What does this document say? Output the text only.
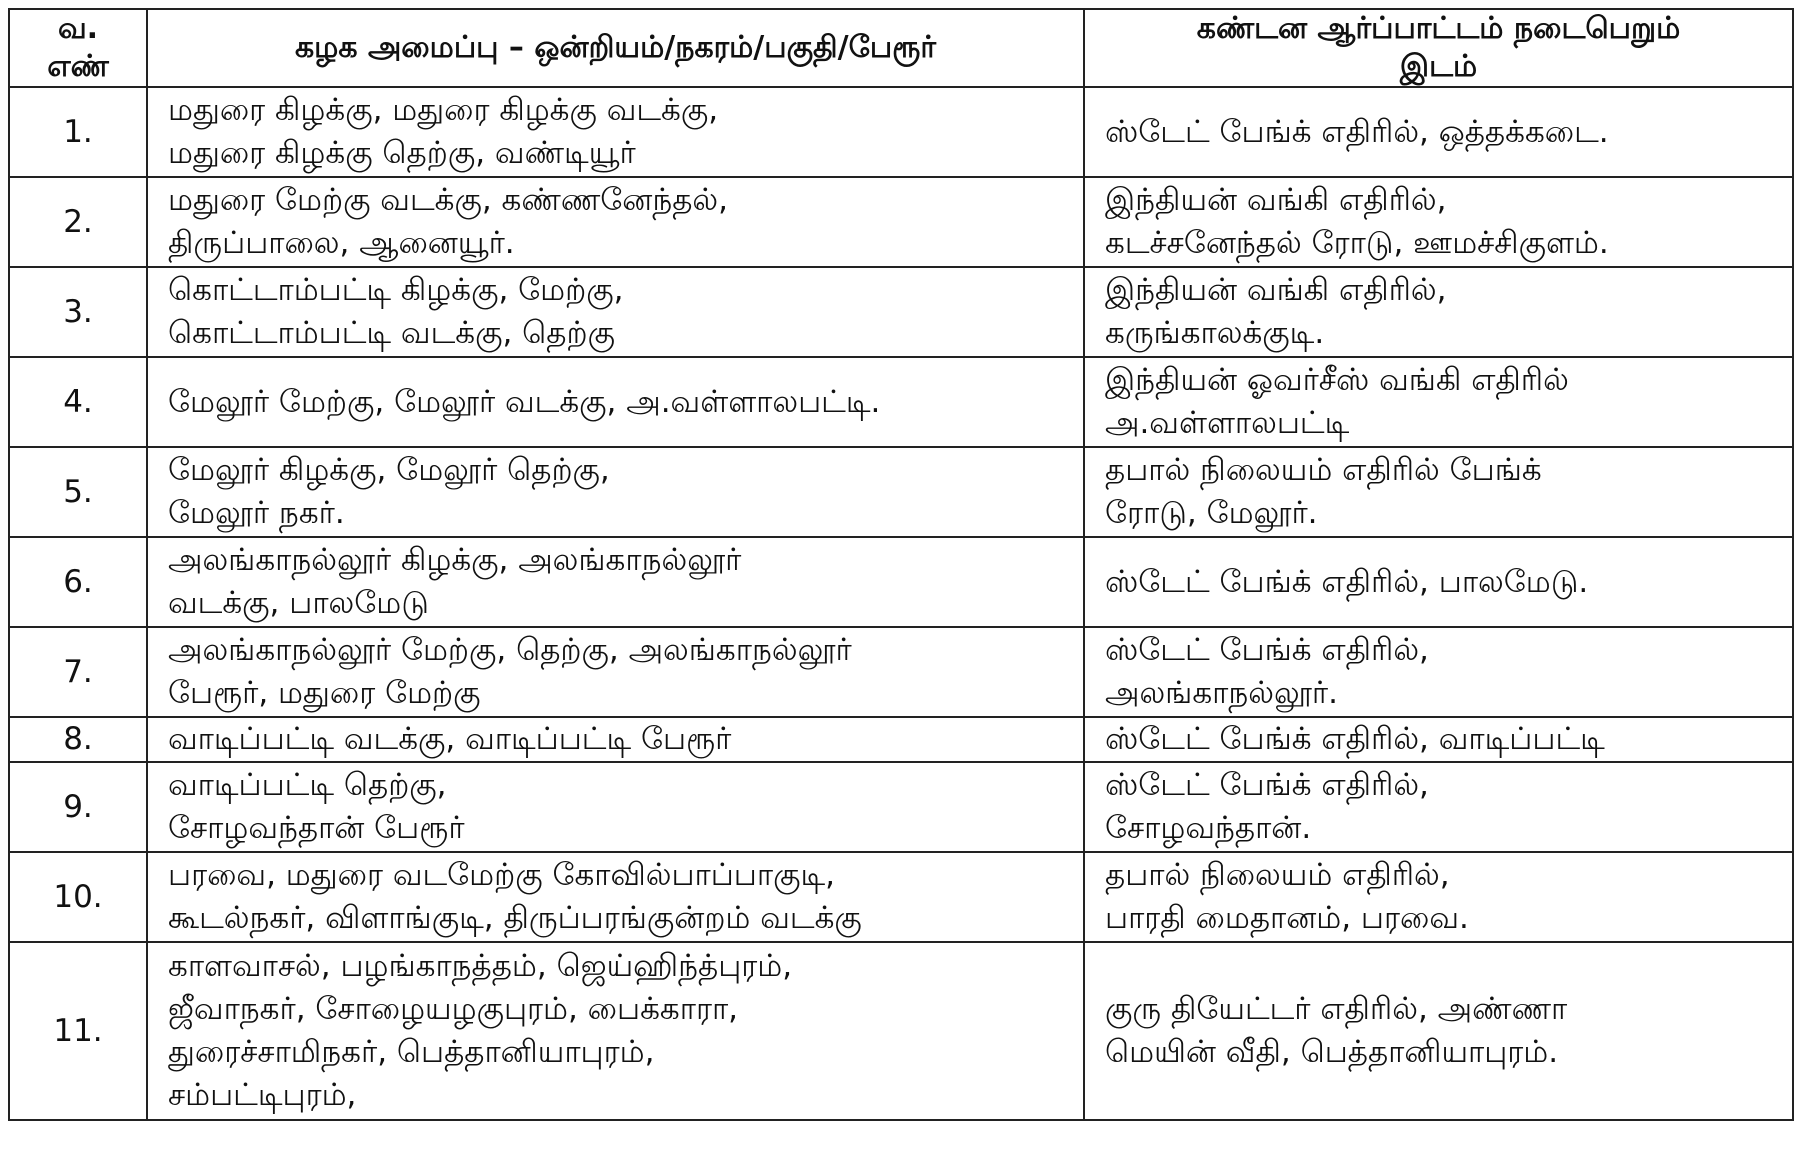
வ.
எண்	கழக அமைப்பு – ஒன்றியம்/நகரம்/பகுதி/பேரூர்	கண்டன ஆர்ப்பாட்டம் நடைபெறும்
இடம்

1.	மதுரை கிழக்கு, மதுரை கிழக்கு வடக்கு,
மதுரை கிழக்கு தெற்கு, வண்டியூர்	ஸ்டேட் பேங்க் எதிரில், ஒத்தக்கடை.

2.	மதுரை மேற்கு வடக்கு, கண்ணனேந்தல்,
திருப்பாலை, ஆனையூர்.	இந்தியன் வங்கி எதிரில்,
கடச்சனேந்தல் ரோடு, ஊமச்சிகுளம்.

3.	கொட்டாம்பட்டி கிழக்கு, மேற்கு,
கொட்டாம்பட்டி வடக்கு, தெற்கு	இந்தியன் வங்கி எதிரில்,
கருங்காலக்குடி.

4.	மேலூர் மேற்கு, மேலூர் வடக்கு, அ.வள்ளாலபட்டி.	இந்தியன் ஓவர்சீஸ் வங்கி எதிரில்
அ.வள்ளாலபட்டி

5.	மேலூர் கிழக்கு, மேலூர் தெற்கு,
மேலூர் நகர்.	தபால் நிலையம் எதிரில் பேங்க்
ரோடு, மேலூர்.

6.	அலங்காநல்லூர் கிழக்கு, அலங்காநல்லூர்
வடக்கு, பாலமேடு	ஸ்டேட் பேங்க் எதிரில், பாலமேடு.

7.	அலங்காநல்லூர் மேற்கு, தெற்கு, அலங்காநல்லூர்
பேரூர், மதுரை மேற்கு	ஸ்டேட் பேங்க் எதிரில்,
அலங்காநல்லூர்.

8.	வாடிப்பட்டி வடக்கு, வாடிப்பட்டி பேரூர்	ஸ்டேட் பேங்க் எதிரில், வாடிப்பட்டி

9.	வாடிப்பட்டி தெற்கு,
சோழவந்தான் பேரூர்	ஸ்டேட் பேங்க் எதிரில்,
சோழவந்தான்.

10.	பரவை, மதுரை வடமேற்கு கோவில்பாப்பாகுடி,
கூடல்நகர், விளாங்குடி, திருப்பரங்குன்றம் வடக்கு	தபால் நிலையம் எதிரில்,
பாரதி மைதானம், பரவை.

11.	காளவாசல், பழங்காநத்தம், ஜெய்ஹிந்த்புரம்,
ஜீவாநகர், சோழையழகுபுரம், பைக்காரா,
துரைச்சாமிநகர், பெத்தானியாபுரம்,
சம்பட்டிபுரம்,	குரு தியேட்டர் எதிரில், அண்ணா
மெயின் வீதி, பெத்தானியாபுரம்.
